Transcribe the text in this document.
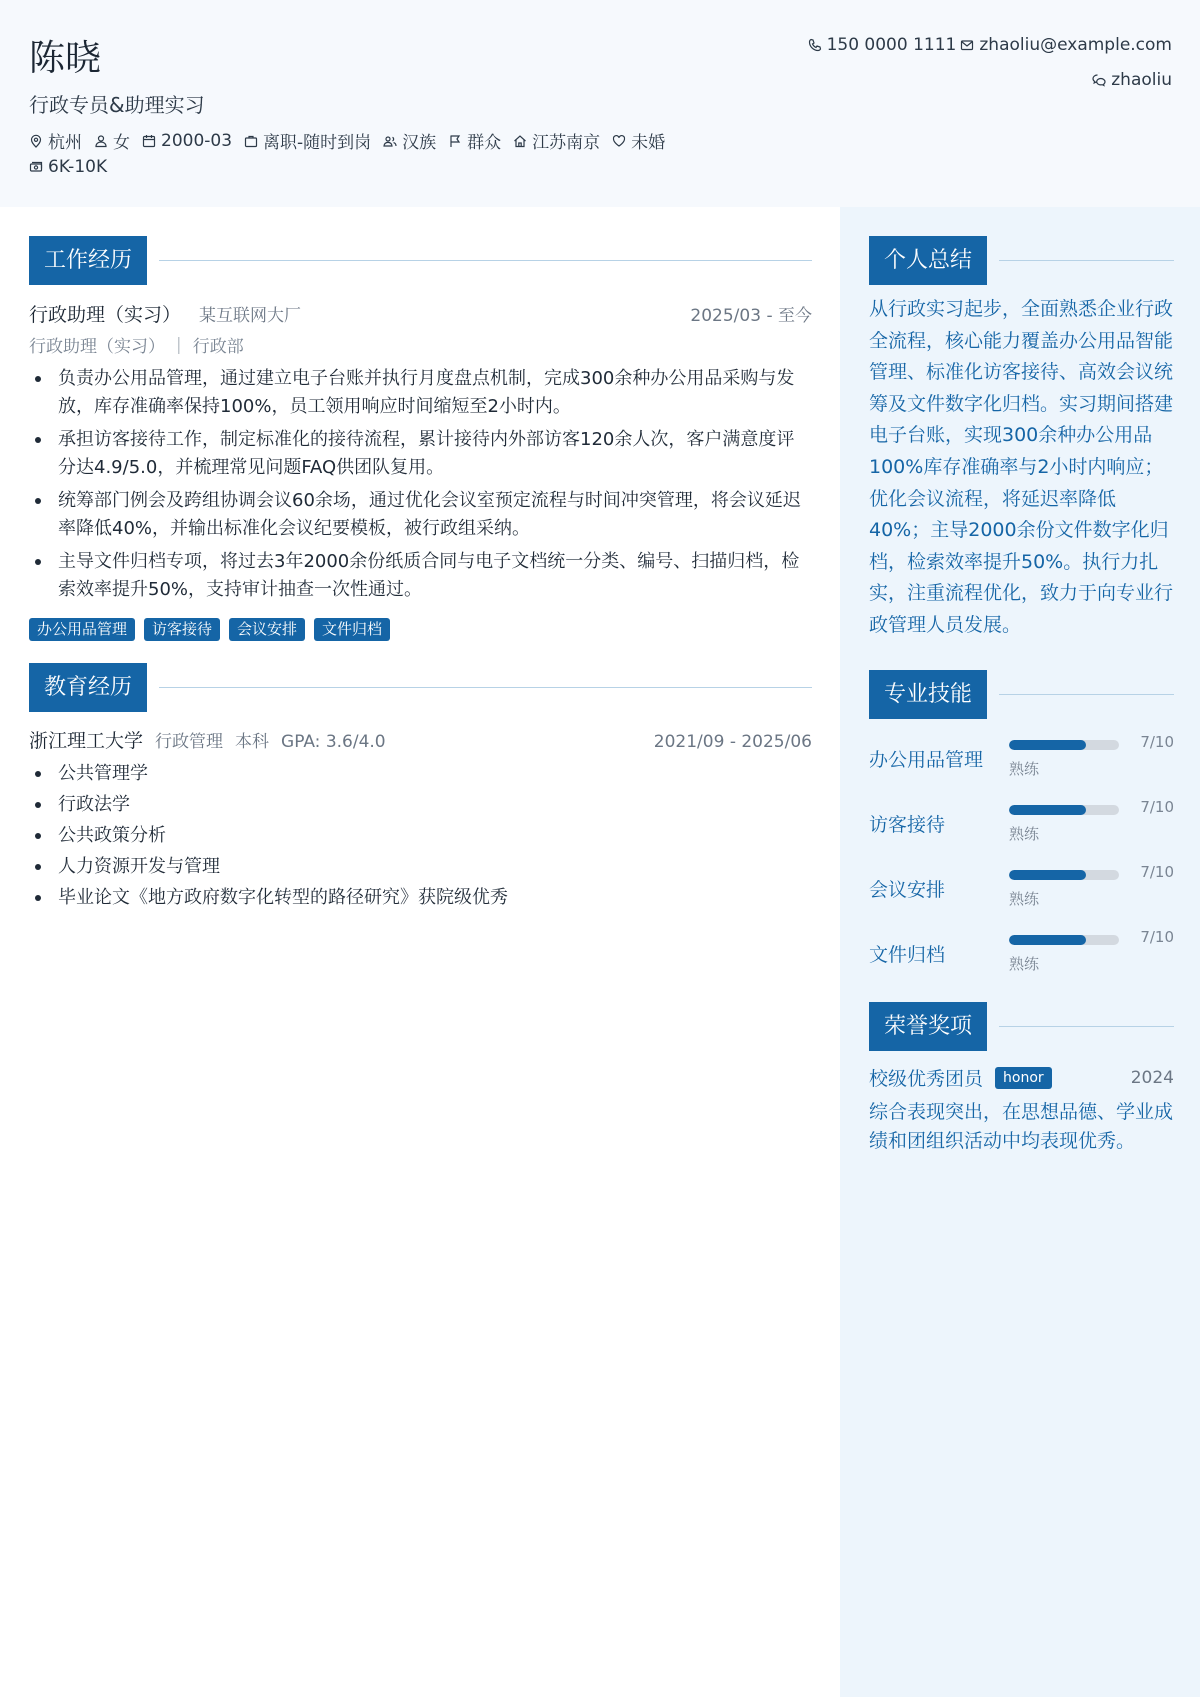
陈晓
行政专员&助理实习
杭州 女 2000-03 离职-随时到岗 汉族 群众 江苏南京 未婚
6K-10K
150 0000 1111 zhaoliu@example.com
zhaoliu
工作经历
行政助理（实习） 某互联网大厂	2025/03 - 至今
行政助理（实习） ｜ 行政部
负责办公用品管理，通过建立电子台账并执行月度盘点机制，完成300余种办公用品采购与发放，库存准确率保持100%，员工领用响应时间缩短至2小时内。
承担访客接待工作，制定标准化的接待流程，累计接待内外部访客120余人次，客户满意度评分达4.9/5.0，并梳理常见问题FAQ供团队复用。
统筹部门例会及跨组协调会议60余场，通过优化会议室预定流程与时间冲突管理，将会议延迟率降低40%，并输出标准化会议纪要模板，被行政组采纳。
主导文件归档专项，将过去3年2000余份纸质合同与电子文档统一分类、编号、扫描归档，检索效率提升50%，支持审计抽查一次性通过。
办公用品管理	访客接待	会议安排	文件归档
教育经历
浙江理工大学 行政管理 本科 GPA: 3.6/4.0	2021/09 - 2025/06
公共管理学
行政法学
公共政策分析
人力资源开发与管理
毕业论文《地方政府数字化转型的路径研究》获院级优秀
个人总结
从行政实习起步，全面熟悉企业行政全流程，核心能力覆盖办公用品智能管理、标准化访客接待、高效会议统筹及文件数字化归档。实习期间搭建电子台账，实现300余种办公用品100%库存准确率与2小时内响应；优化会议流程，将延迟率降低40%；主导2000余份文件数字化归档，检索效率提升50%。执行力扎实，注重流程优化，致力于向专业行政管理人员发展。
专业技能
办公用品管理
7/10
熟练
访客接待
7/10
熟练
会议安排
7/10
熟练
文件归档
7/10
熟练
荣誉奖项
校级优秀团员	honor	2024
综合表现突出，在思想品德、学业成绩和团组织活动中均表现优秀。
